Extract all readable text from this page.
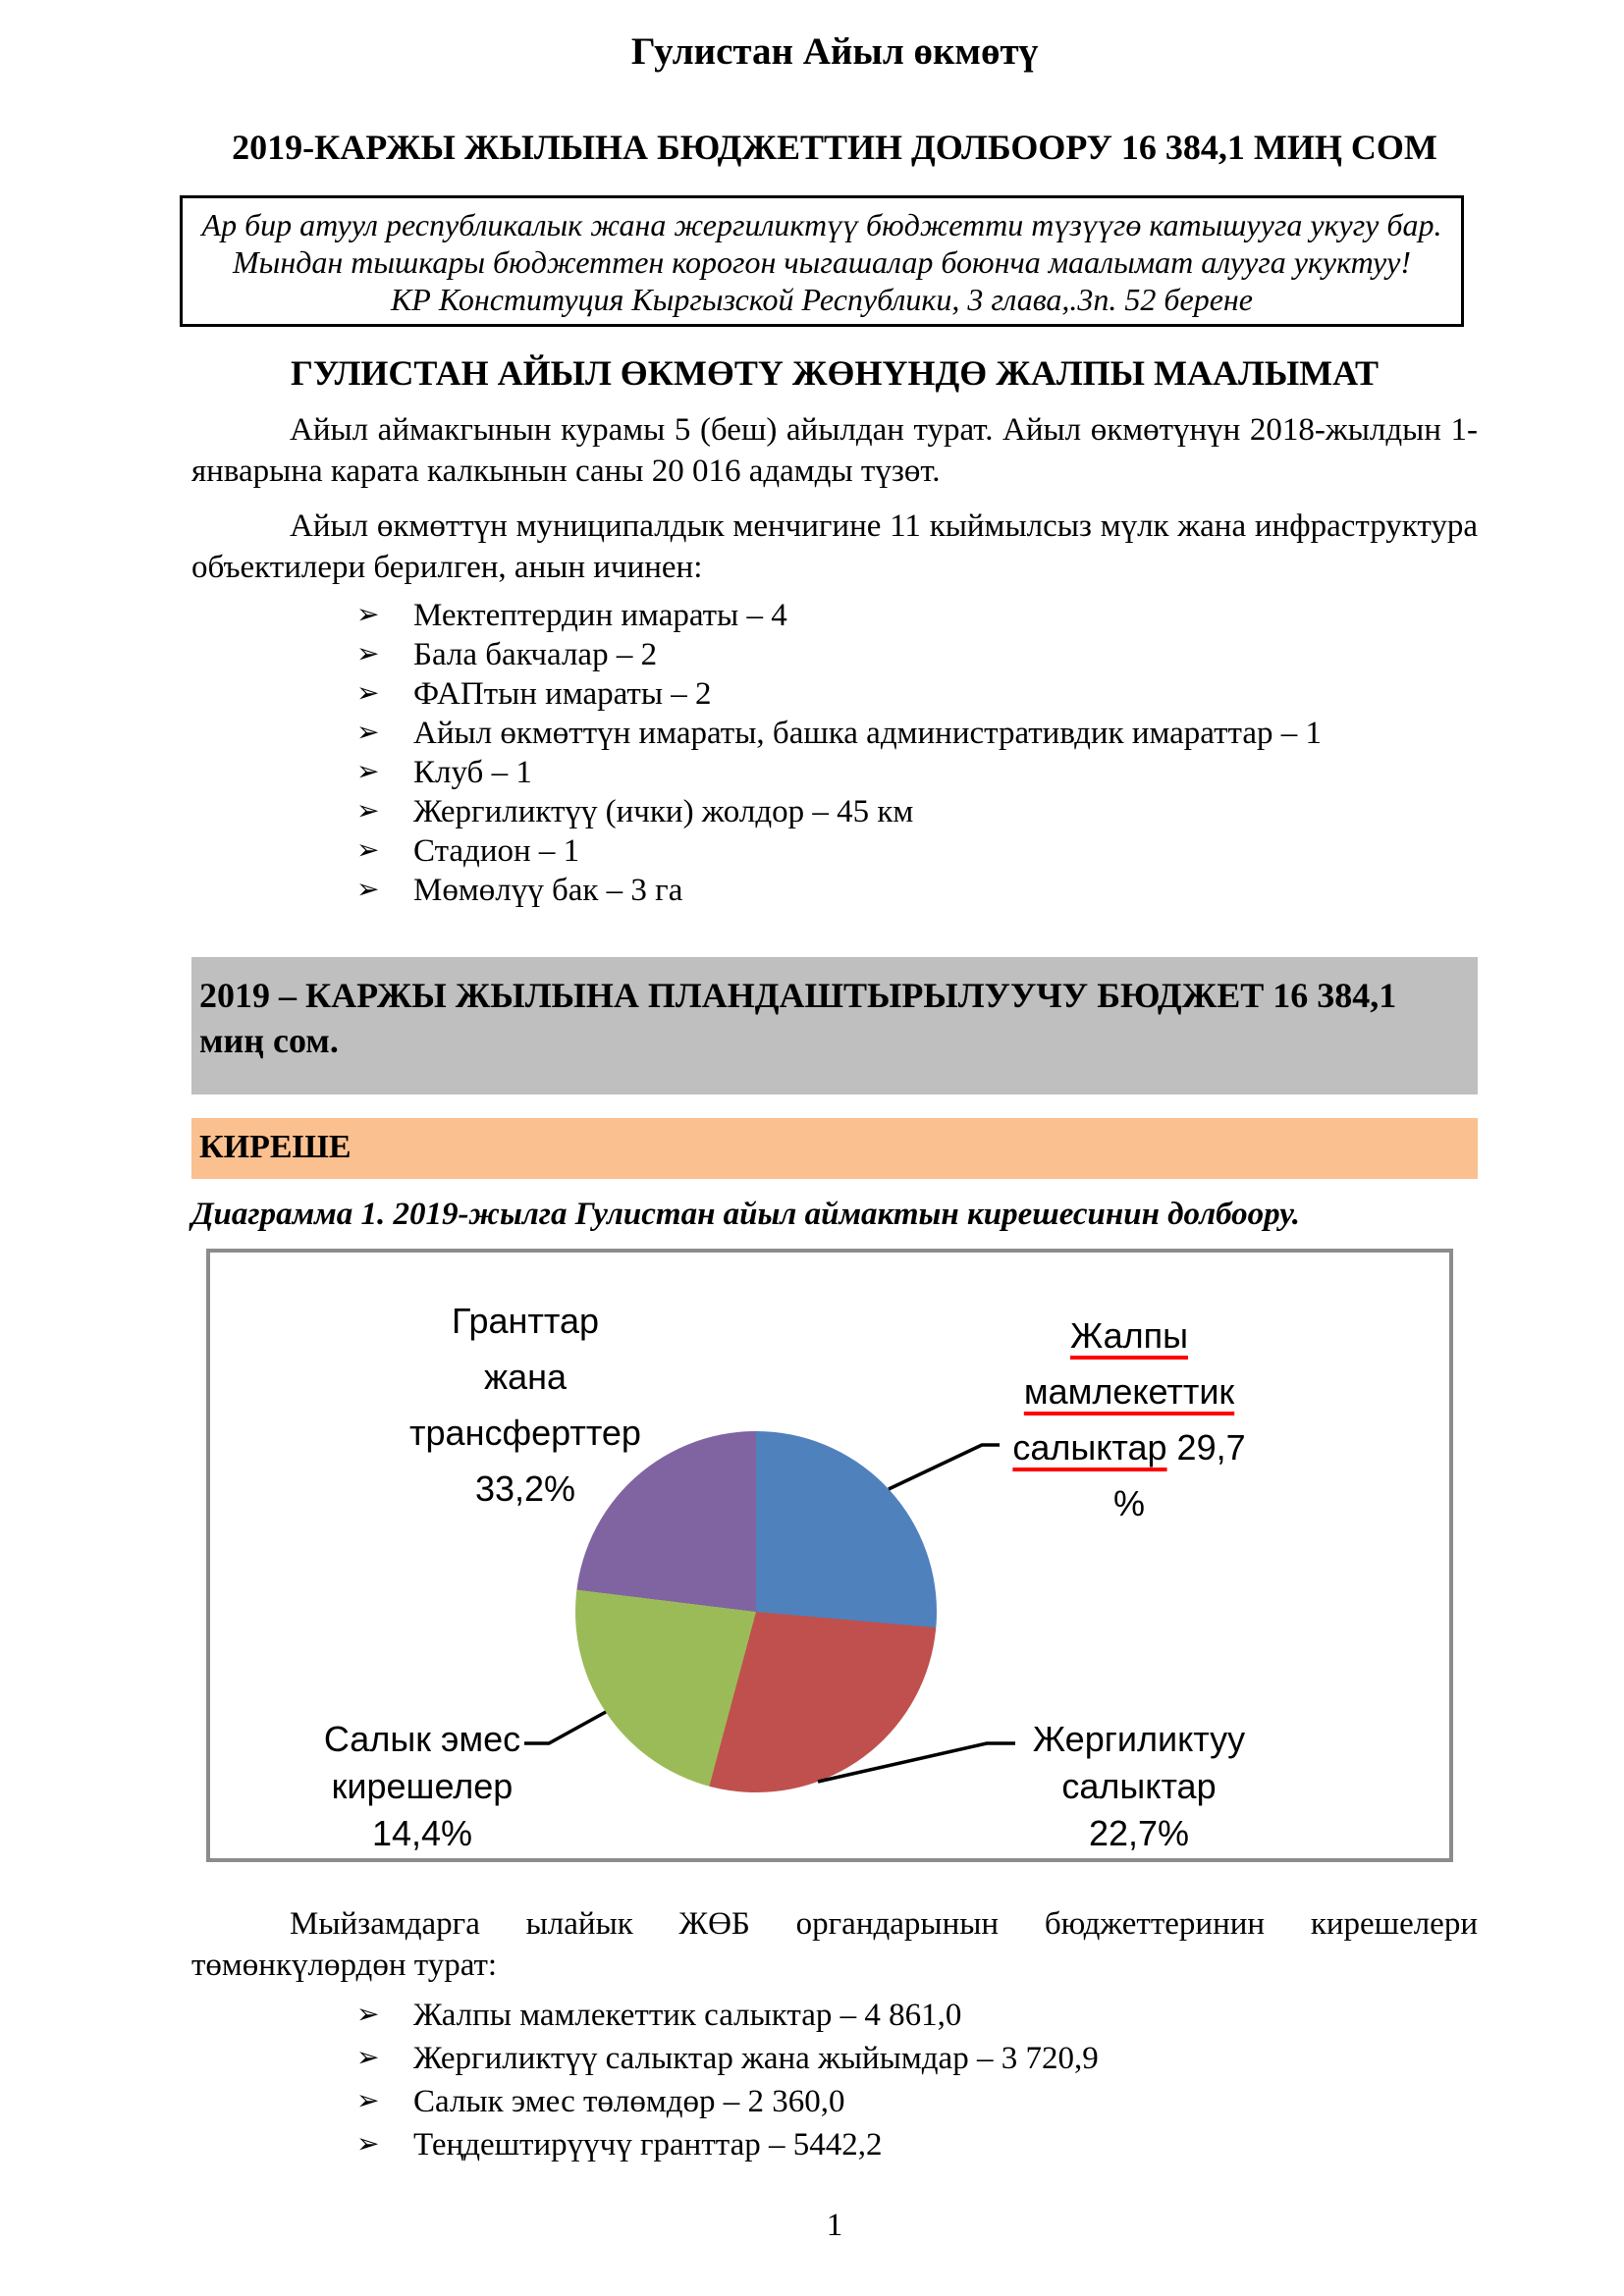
Гулистан Айыл өкмөтү
2019-КАРЖЫ ЖЫЛЫНА БЮДЖЕТТИН ДОЛБООРУ 16 384,1 МИҢ СОМ
Ар бир атуул республикалык жана жергиликтүү бюджетти түзүүгө катышууга укугу бар.
Мындан тышкары бюджеттен корогон чыгашалар боюнча маалымат алууга укуктуу!
КР Конституция Кыргызской Республики, 3 глава,.3п. 52 берене
ГУЛИСТАН АЙЫЛ ӨКМӨТҮ ЖӨНҮНДӨ ЖАЛПЫ МААЛЫМАТ
Айыл аймакгынын курамы 5 (беш) айылдан турат. Айыл өкмөтүнүн 2018-жылдын 1-январына карата калкынын саны 20 016 адамды түзөт.
Айыл өкмөттүн муниципалдык менчигине 11 кыймылсыз мүлк жана инфраструктура объектилери берилген, анын ичинен:
➢	Мектептердин имараты – 4
➢	Бала бакчалар – 2
➢	ФАПтын имараты – 2
➢	Айыл өкмөттүн имараты, башка административдик имараттар – 1
➢	Клуб – 1
➢	Жергиликтүү (ички) жолдор – 45 км
➢	Стадион – 1
➢	Мөмөлүү бак – 3 га
2019 – КАРЖЫ ЖЫЛЫНА ПЛАНДАШТЫРЫЛУУЧУ БЮДЖЕТ 16 384,1 миң сом.
КИРЕШЕ
Диаграмма 1. 2019-жылга Гулистан айыл аймактын кирешесинин долбоору.
Жалпы
мамлекеттик
салыктар 29,7
%
Жергиликтуу
салыктар
22,7%
Салык эмес
кирешелер
14,4%
Гранттар
жана
трансферттер
33,2%
Мыйзамдарга ылайык ЖӨБ органдарынын бюджеттеринин кирешелери төмөнкүлөрдөн турат:
➢	Жалпы мамлекеттик салыктар – 4 861,0
➢	Жергиликтүү салыктар жана жыйымдар – 3 720,9
➢	Салык эмес төлөмдөр – 2 360,0
➢	Теңдештирүүчү гранттар – 5442,2
1
